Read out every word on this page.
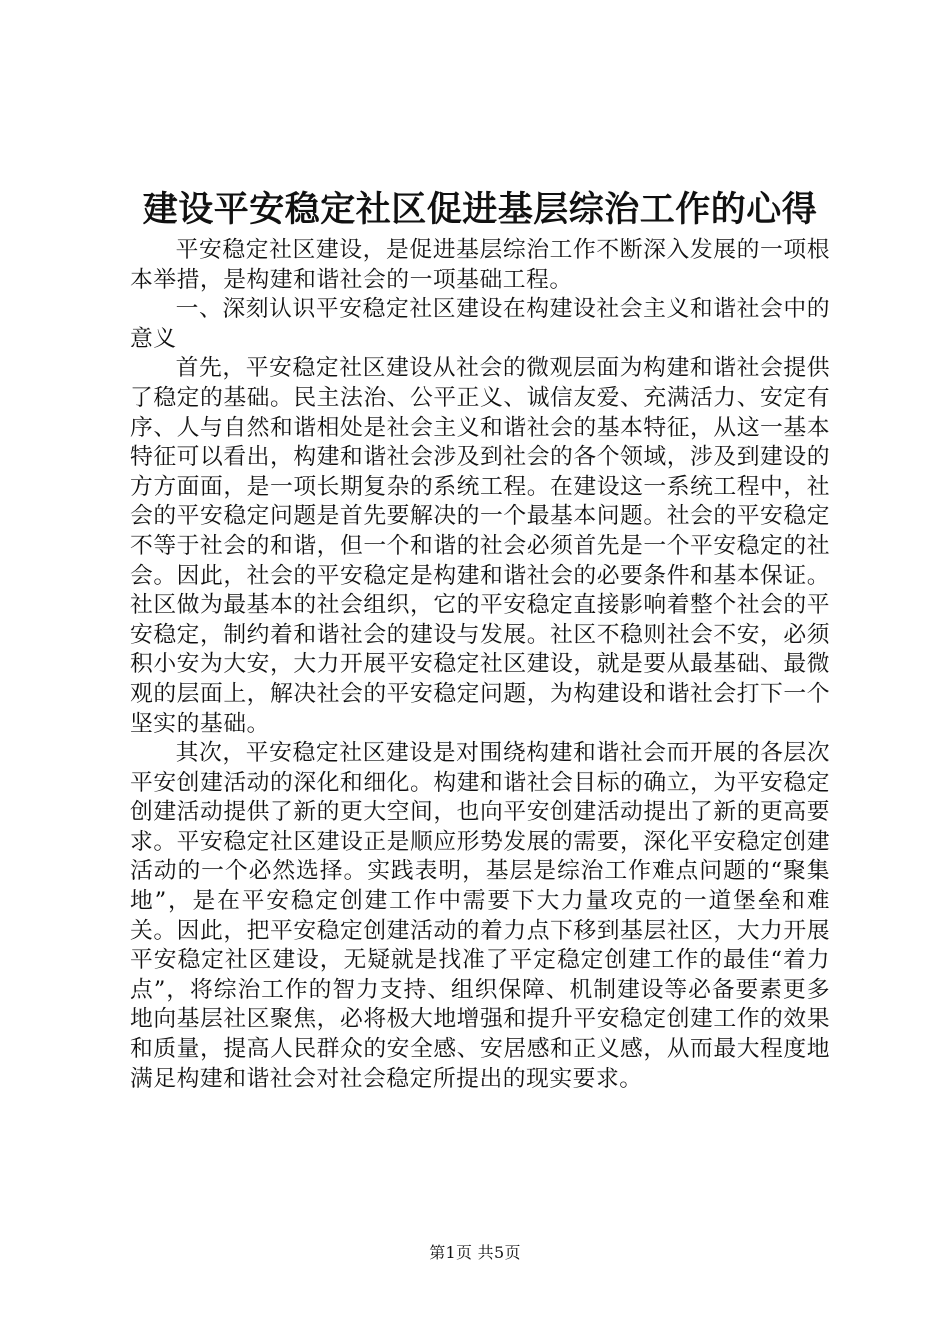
建设平安稳定社区促进基层综治工作的心得

平安稳定社区建设，是促进基层综治工作不断深入发展的一项根本举措，是构建和谐社会的一项基础工程。

一、深刻认识平安稳定社区建设在构建设社会主义和谐社会中的意义

首先，平安稳定社区建设从社会的微观层面为构建和谐社会提供了稳定的基础。民主法治、公平正义、诚信友爱、充满活力、安定有序、人与自然和谐相处是社会主义和谐社会的基本特征，从这一基本特征可以看出，构建和谐社会涉及到社会的各个领域，涉及到建设的方方面面，是一项长期复杂的系统工程。在建设这一系统工程中，社会的平安稳定问题是首先要解决的一个最基本问题。社会的平安稳定不等于社会的和谐，但一个和谐的社会必须首先是一个平安稳定的社会。因此，社会的平安稳定是构建和谐社会的必要条件和基本保证。社区做为最基本的社会组织，它的平安稳定直接影响着整个社会的平安稳定，制约着和谐社会的建设与发展。社区不稳则社会不安，必须积小安为大安，大力开展平安稳定社区建设，就是要从最基础、最微观的层面上，解决社会的平安稳定问题，为构建设和谐社会打下一个坚实的基础。

其次，平安稳定社区建设是对围绕构建和谐社会而开展的各层次平安创建活动的深化和细化。构建和谐社会目标的确立，为平安稳定创建活动提供了新的更大空间，也向平安创建活动提出了新的更高要求。平安稳定社区建设正是顺应形势发展的需要，深化平安稳定创建活动的一个必然选择。实践表明，基层是综治工作难点问题的“聚集地”，是在平安稳定创建工作中需要下大力量攻克的一道堡垒和难关。因此，把平安稳定创建活动的着力点下移到基层社区，大力开展平安稳定社区建设，无疑就是找准了平定稳定创建工作的最佳“着力点”，将综治工作的智力支持、组织保障、机制建设等必备要素更多地向基层社区聚焦，必将极大地增强和提升平安稳定创建工作的效果和质量，提高人民群众的安全感、安居感和正义感，从而最大程度地满足构建和谐社会对社会稳定所提出的现实要求。

第1页 共5页
